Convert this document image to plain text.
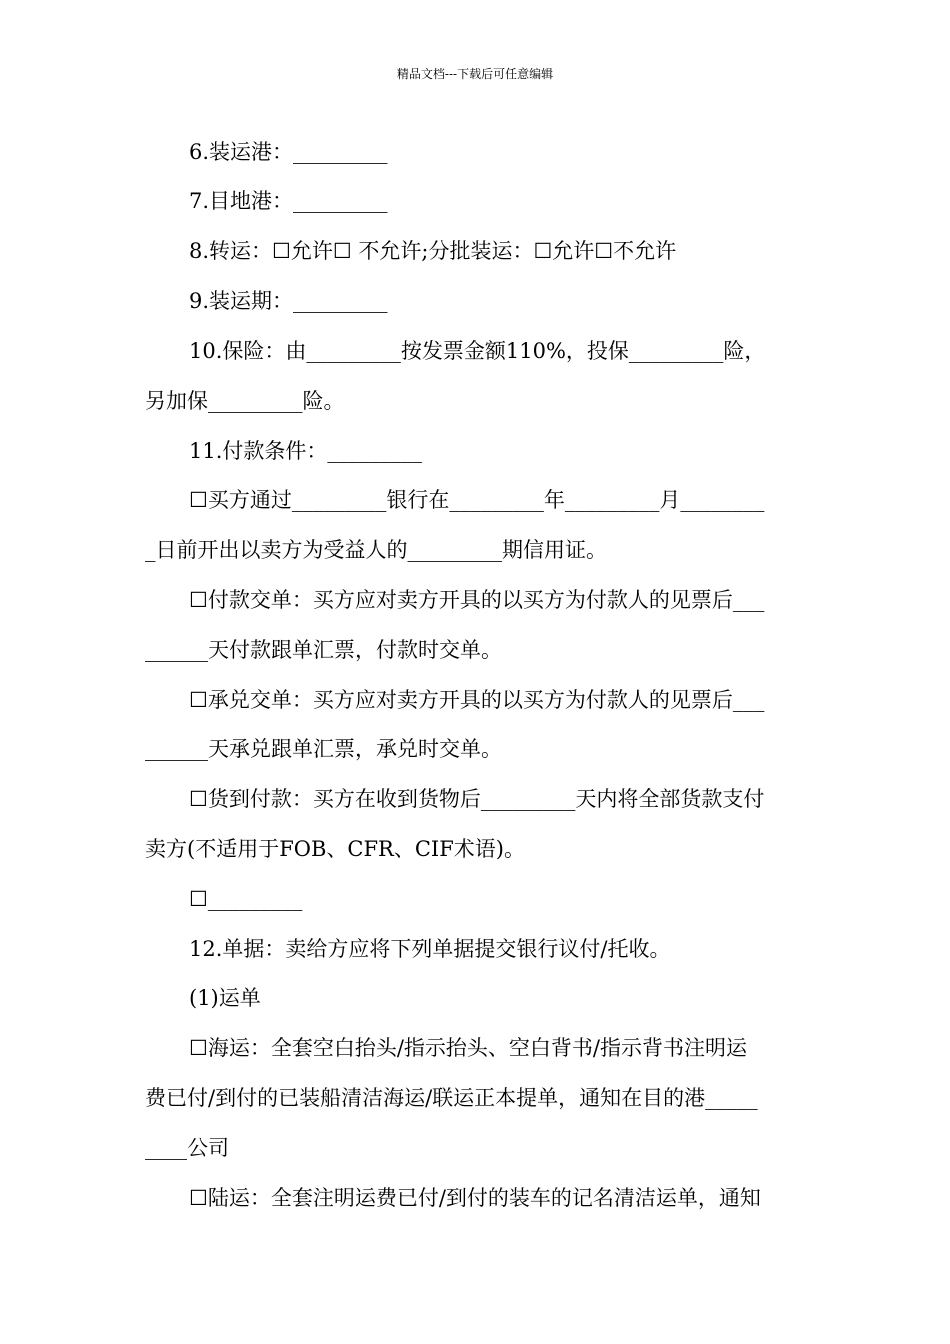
精品文档---下载后可任意编辑
6.装运港：_________
7.目地港：_________
8.转运：☐允许☐ 不允许;分批装运：☐允许☐不允许
9.装运期：_________
10.保险：由_________按发票金额110%，投保_________险，
另加保_________险。
11.付款条件：_________
☐买方通过_________银行在_________年_________月________
_日前开出以卖方为受益人的_________期信用证。
☐付款交单：买方应对卖方开具的以买方为付款人的见票后___
______天付款跟单汇票，付款时交单。
☐承兑交单：买方应对卖方开具的以买方为付款人的见票后___
______天承兑跟单汇票，承兑时交单。
☐货到付款：买方在收到货物后_________天内将全部货款支付
卖方(不适用于FOB、CFR、CIF术语)。
☐_________
12.单据：卖给方应将下列单据提交银行议付/托收。
(1)运单
☐海运：全套空白抬头/指示抬头、空白背书/指示背书注明运
费已付/到付的已装船清洁海运/联运正本提单，通知在目的港_____
____公司
☐陆运：全套注明运费已付/到付的装车的记名清洁运单，通知
